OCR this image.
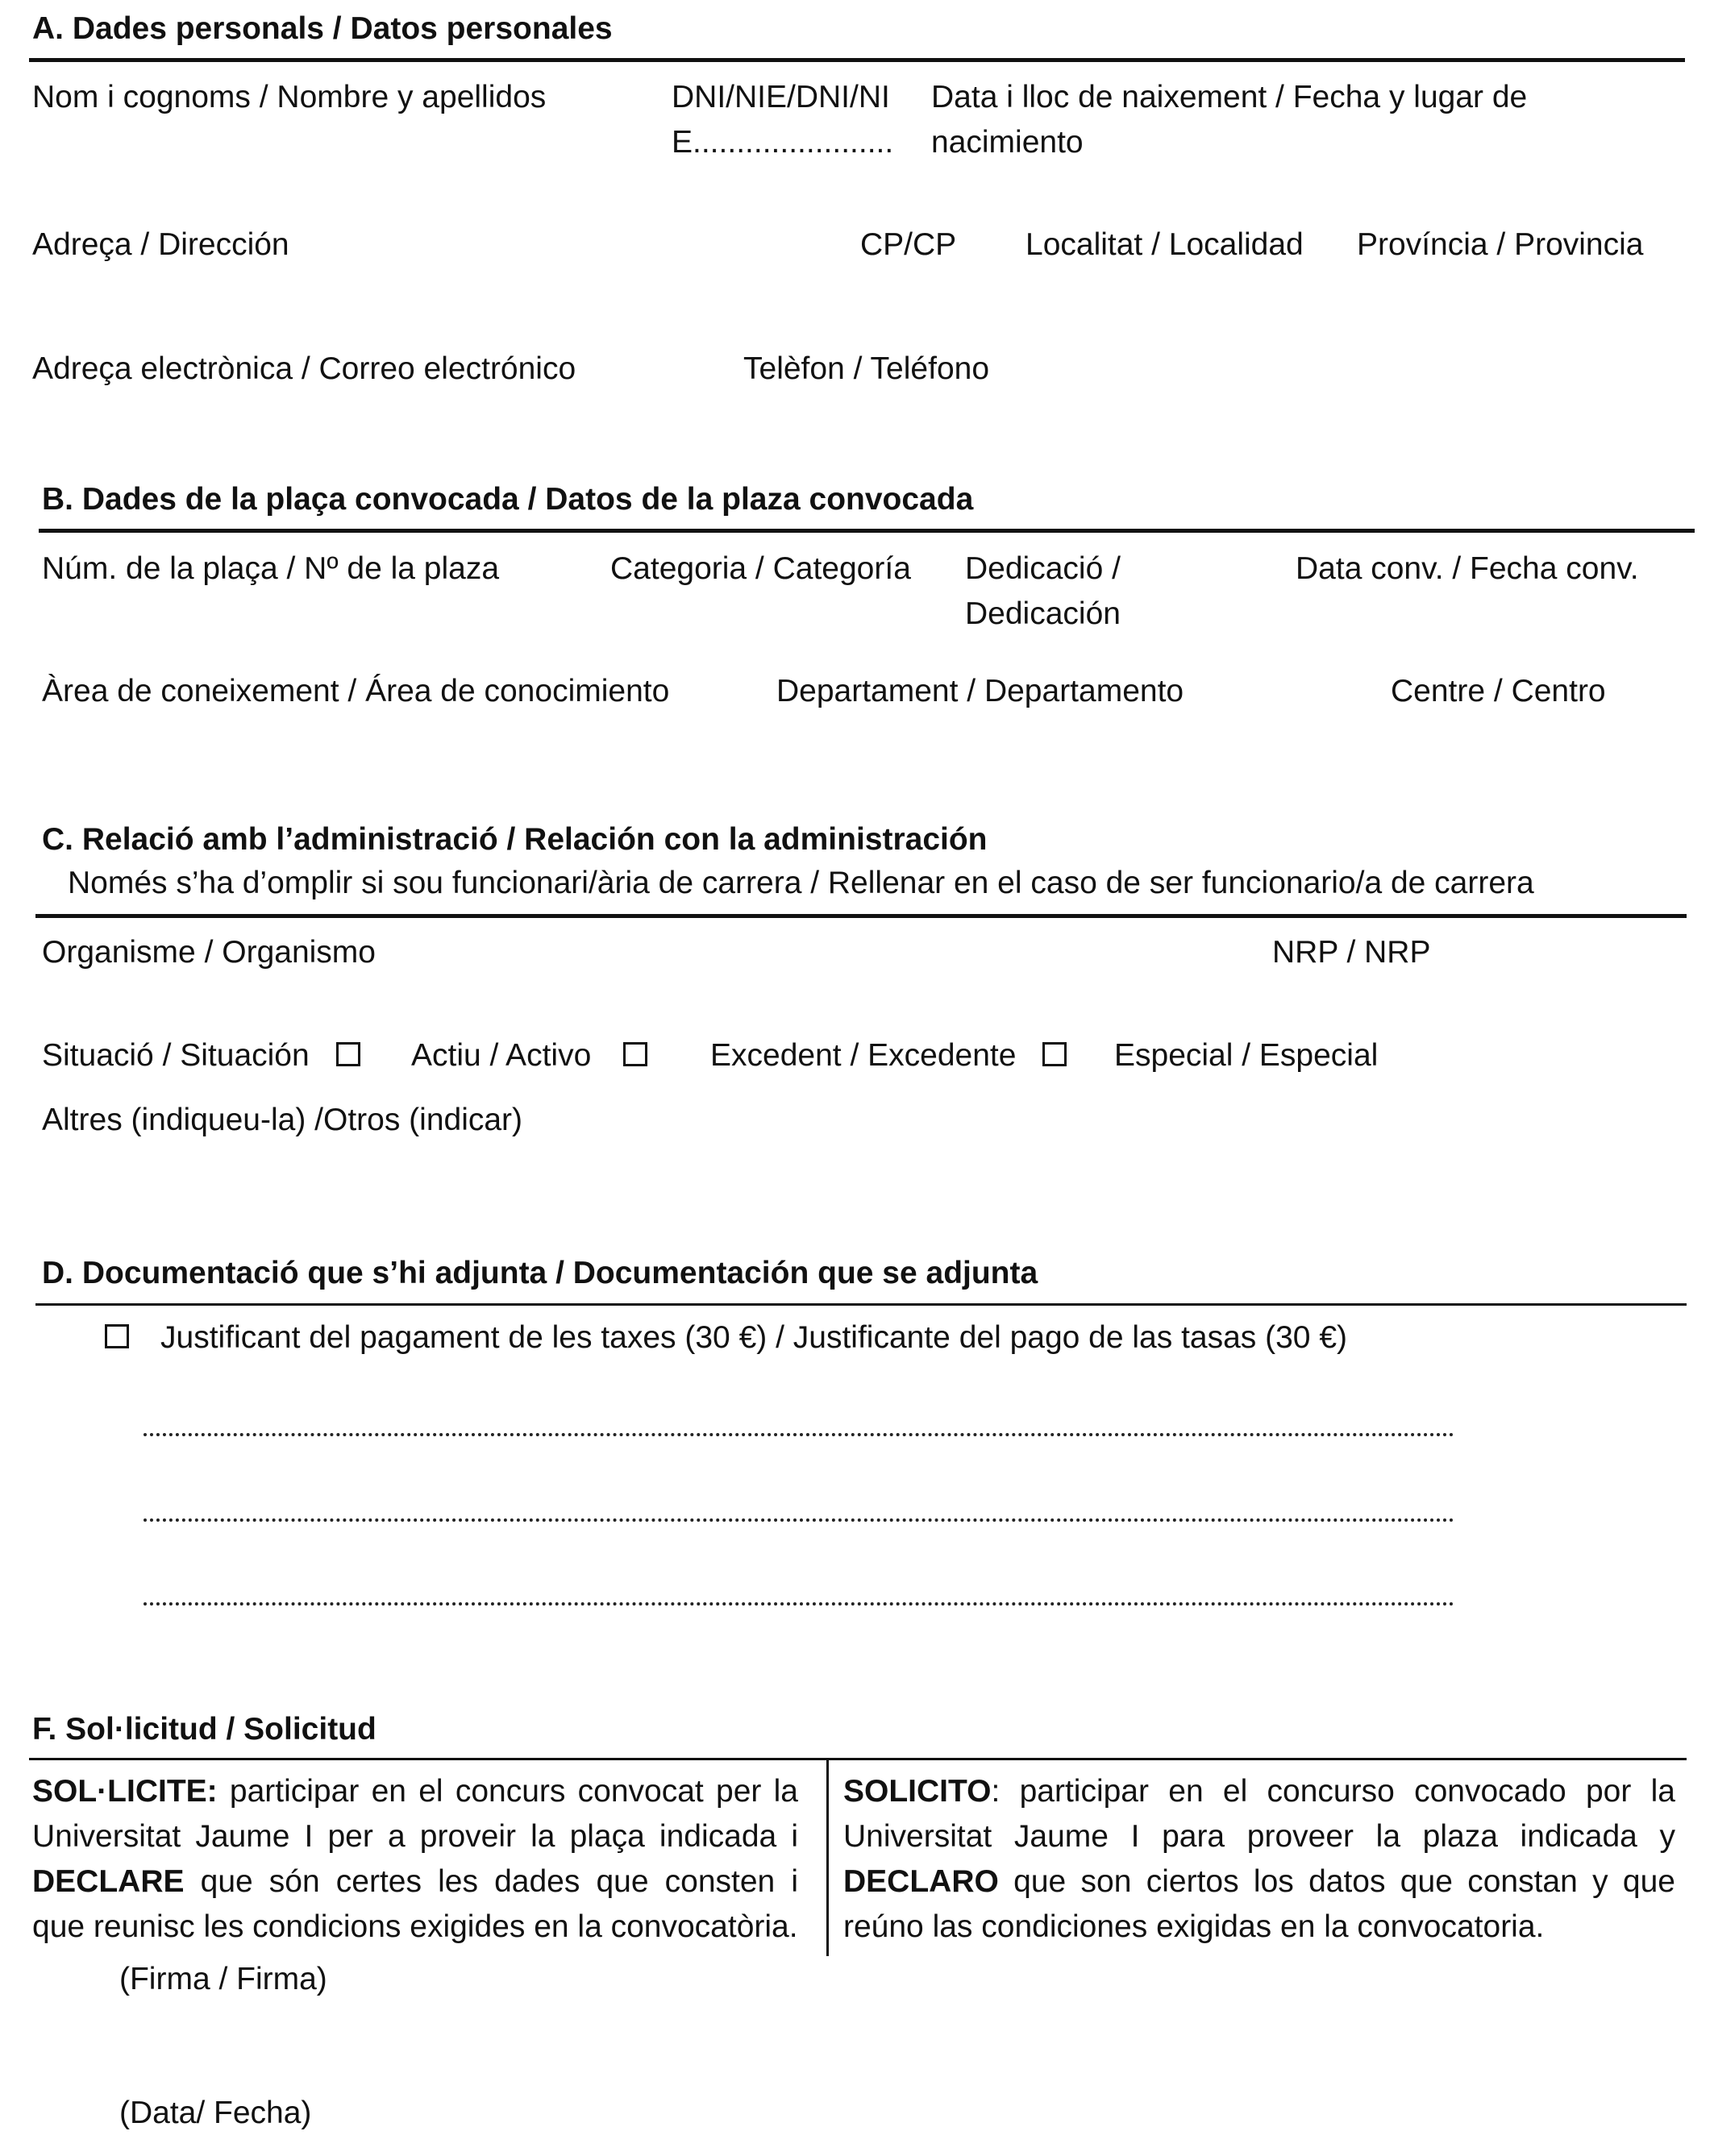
A. Dades personals / Datos personales
Nom i cognoms / Nombre y apellidos	DNI/NIE/DNI/NI
E.......................
Data i lloc de naixement / Fecha y lugar de
nacimiento
Adreça / Dirección	CP/CP Localitat / Localidad Província / Provincia
Adreça electrònica / Correo electrónico	Telèfon / Teléfono
B. Dades de la plaça convocada / Datos de la plaza convocada
Núm. de la plaça / Nº de la plaza	Categoria / Categoría Dedicació /
Dedicación
Data conv. / Fecha conv.
Àrea de coneixement / Área de conocimiento	Departament / Departamento	Centre / Centro
C. Relació amb l’administració / Relación con la administración
Només s’ha d’omplir si sou funcionari/ària de carrera / Rellenar en el caso de ser funcionario/a de carrera
Organisme / Organismo	NRP / NRP
Situació / Situación	Actiu / Activo	Excedent / Excedente	Especial / Especial
Altres (indiqueu-la) /Otros (indicar)
D. Documentació que s’hi adjunta / Documentación que se adjunta
Justificant del pagament de les taxes (30 €) / Justificante del pago de las tasas (30 €)
F. Sol·licitud / Solicitud
SOL·LICITE: participar en el concurs convocat per la Universitat Jaume I per a proveir la plaça indicada i DECLARE que són certes les dades que consten i que reunisc les condicions exigides en la convocatòria.
SOLICITO: participar en el concurso convocado por la Universitat Jaume I para proveer la plaza indicada y DECLARO que son ciertos los datos que constan y que reúno las condiciones exigidas en la convocatoria.
(Firma / Firma)
(Data/ Fecha)
